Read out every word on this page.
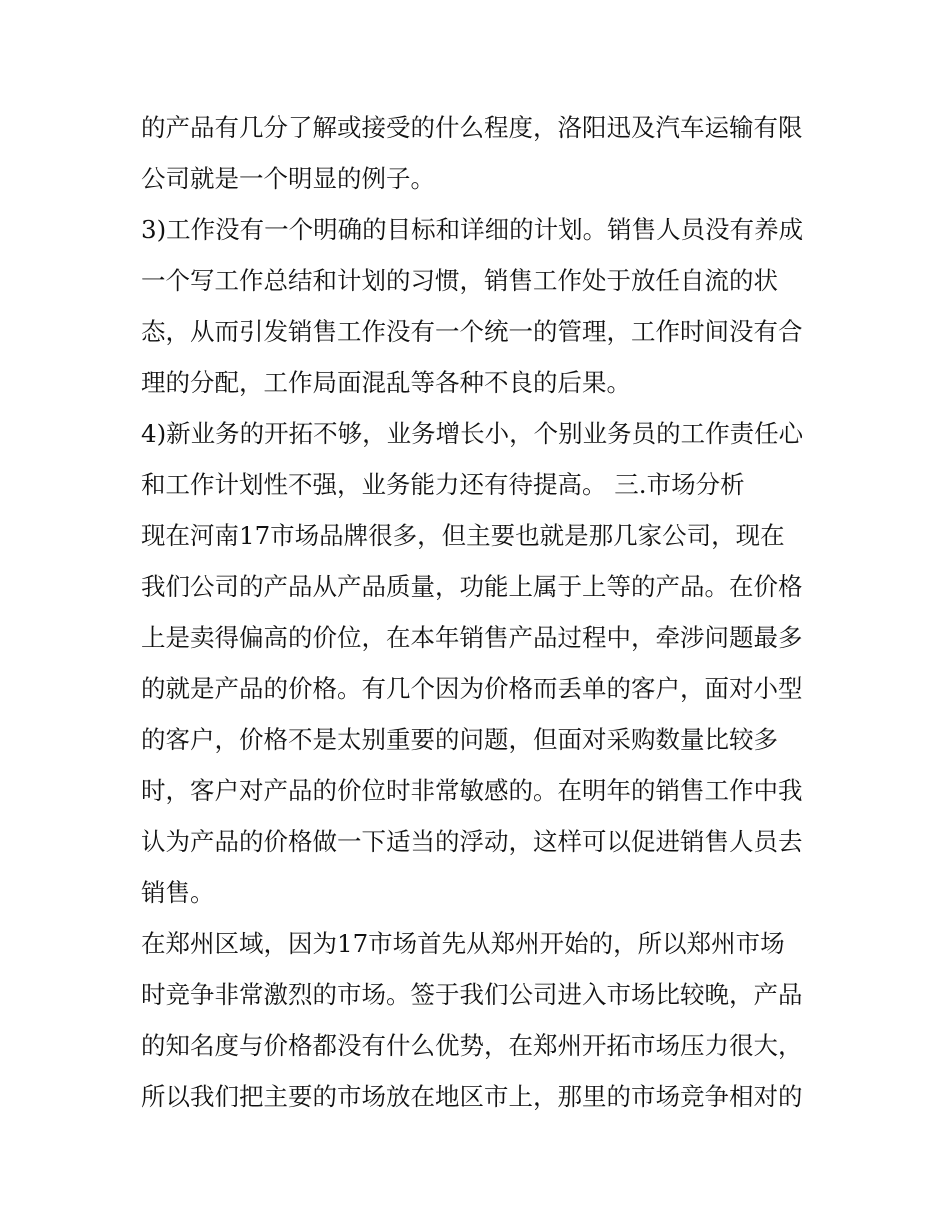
的产品有几分了解或接受的什么程度，洛阳迅及汽车运输有限
公司就是一个明显的例子。
3)工作没有一个明确的目标和详细的计划。销售人员没有养成
一个写工作总结和计划的习惯，销售工作处于放任自流的状
态，从而引发销售工作没有一个统一的管理，工作时间没有合
理的分配，工作局面混乱等各种不良的后果。
4)新业务的开拓不够，业务增长小，个别业务员的工作责任心
和工作计划性不强，业务能力还有待提高。 三.市场分析
现在河南17市场品牌很多，但主要也就是那几家公司，现在
我们公司的产品从产品质量，功能上属于上等的产品。在价格
上是卖得偏高的价位，在本年销售产品过程中，牵涉问题最多
的就是产品的价格。有几个因为价格而丢单的客户，面对小型
的客户，价格不是太别重要的问题，但面对采购数量比较多
时，客户对产品的价位时非常敏感的。在明年的销售工作中我
认为产品的价格做一下适当的浮动，这样可以促进销售人员去
销售。
在郑州区域，因为17市场首先从郑州开始的，所以郑州市场
时竞争非常激烈的市场。签于我们公司进入市场比较晚，产品
的知名度与价格都没有什么优势，在郑州开拓市场压力很大，
所以我们把主要的市场放在地区市上，那里的市场竞争相对的
